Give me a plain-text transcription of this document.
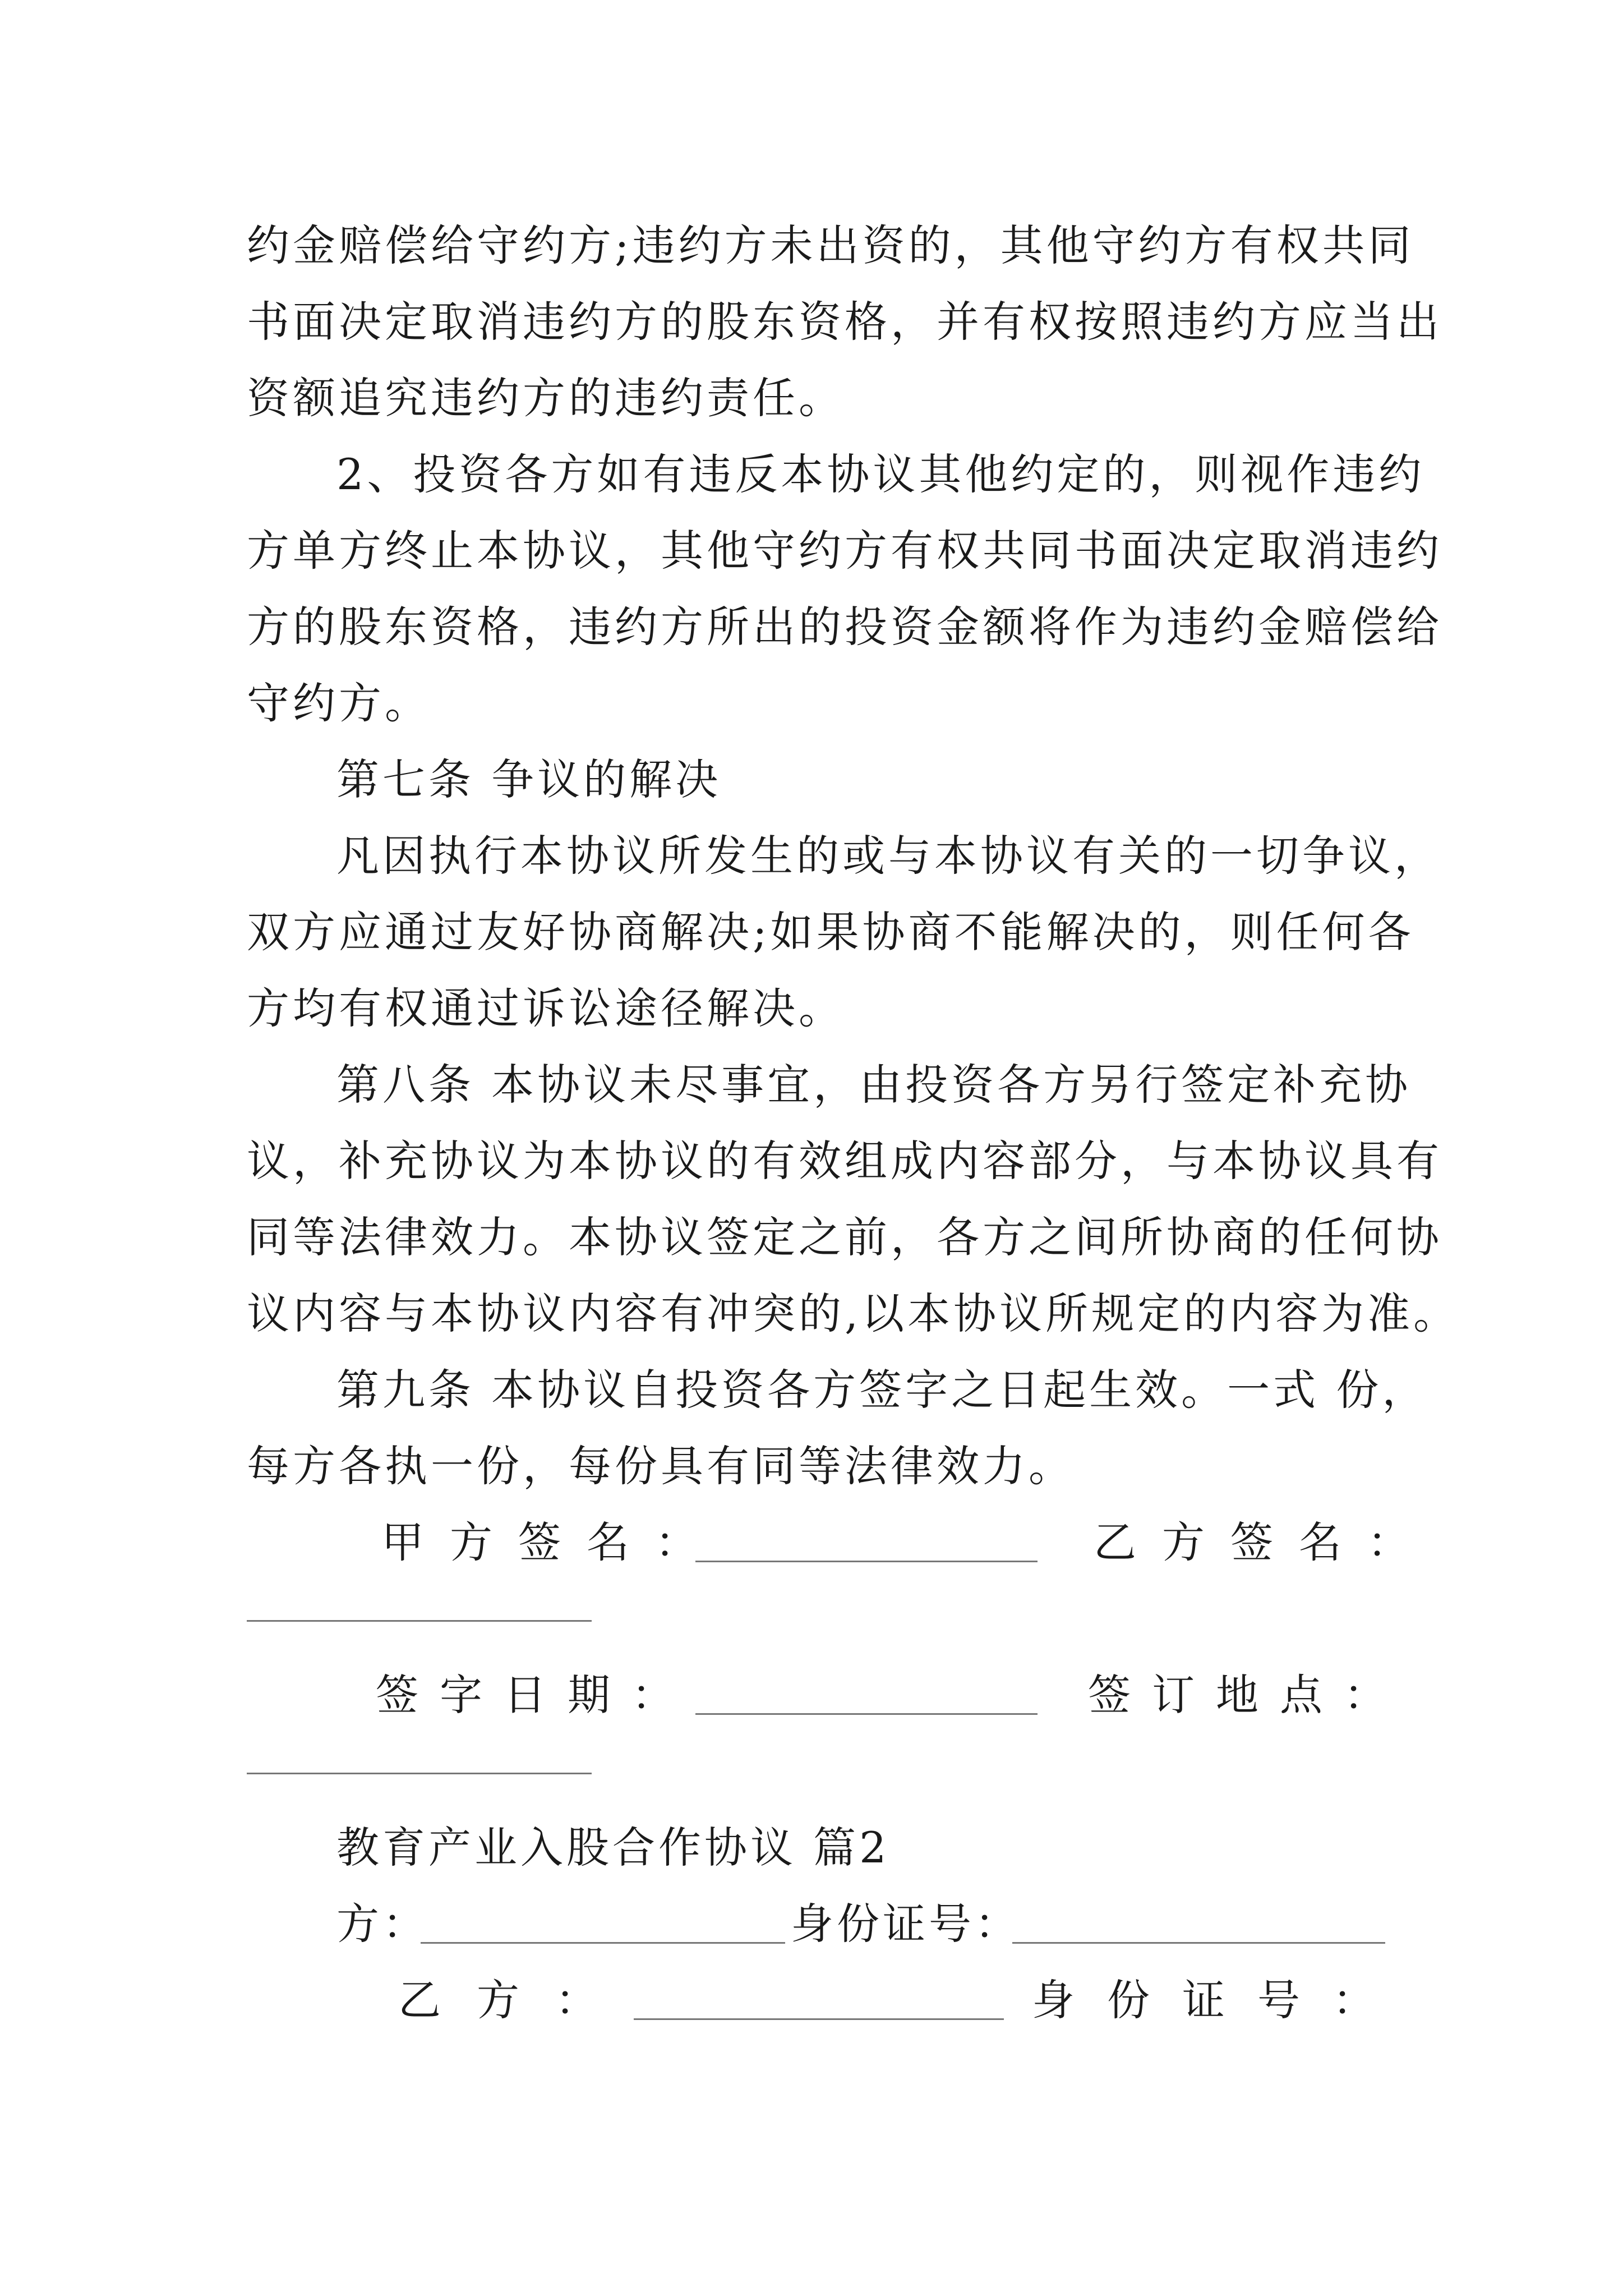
约 金 赔 偿 给 守 约 方 ; 违 约 方 未 出 资 的 ， 其 他 守 约 方 有 权 共 同
书 面 决 定 取 消 违 约 方 的 股 东 资 格 ， 并 有 权 按 照 违 约 方 应 当 出
资额追究违约方的违约责任。
2、投资各方如有违反本协议其他约定的，则视作违约
方单方终止本协议，其他守约方有权共同书面决定取消违约
方的股东资格，违约方所出的投资金额将作为违约金赔偿给
守约方。
第七条 争议的解决
凡因执行本协议所发生的或与本协议有关的一切争议，
双方应通过友好协商解决;如果协商不能解决的，则任何各
方均有权通过诉讼途径解决。
第八条 本协议未尽事宜，由投资各方另行签定补充协
议，补充协议为本协议的有效组成内容部分，与本协议具有
同等法律效力。本协议签定之前，各方之间所协商的任何协
议内容与本协议内容有冲突的,以本协议所规定的内容为准。
第九条 本协议自投资各方签字之日起生效。一式 份，
每方各执一份，每份具有同等法律效力。
甲方签名：	乙方签名：
签字日期：	签订地点：
教育产业入股合作协议 篇2
方：	身份证号：
乙方：	身份证号：
